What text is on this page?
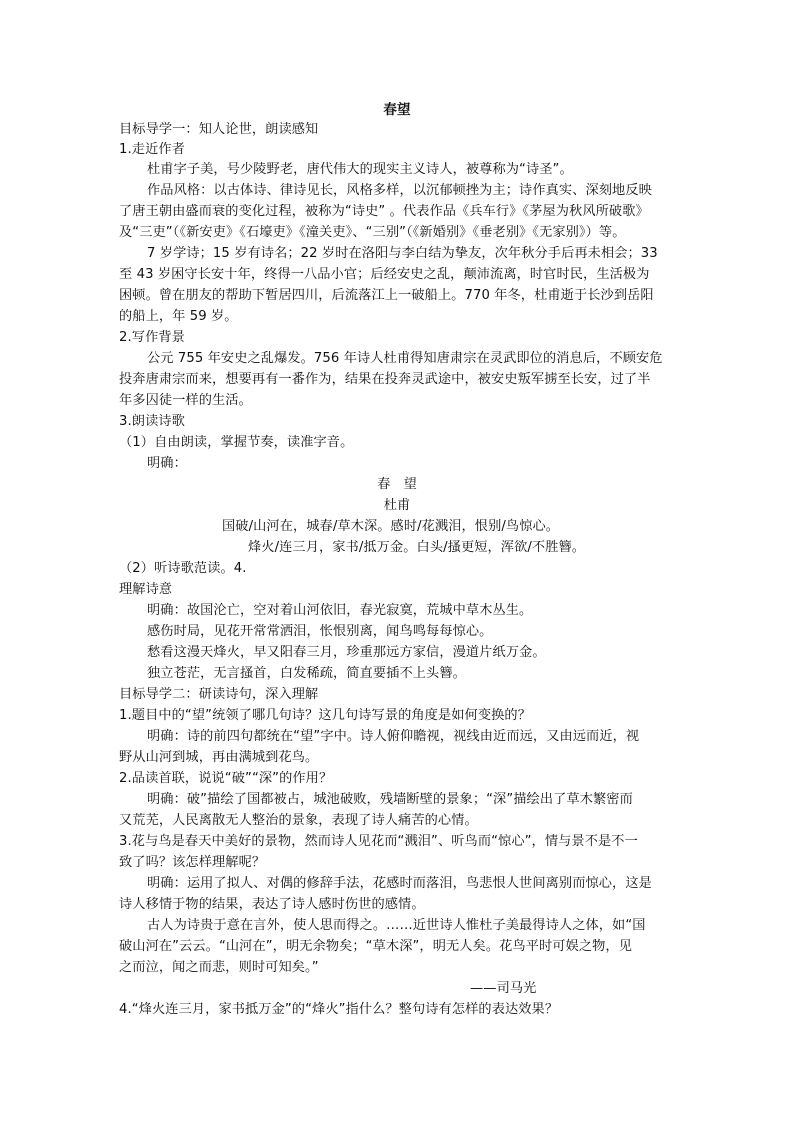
春望
目标导学一：知人论世，朗读感知
1.走近作者
杜甫字子美，号少陵野老，唐代伟大的现实主义诗人，被尊称为“诗圣”。
作品风格：以古体诗、律诗见长，风格多样，以沉郁顿挫为主；诗作真实、深刻地反映
了唐王朝由盛而衰的变化过程，被称为“诗史” 。代表作品《兵车行》《茅屋为秋风所破歌》
及“三吏”（《新安吏》《石壕吏》《潼关吏》、“三别”（《新婚别》《垂老别》《无家别》）等。
7 岁学诗；15 岁有诗名；22 岁时在洛阳与李白结为挚友，次年秋分手后再未相会；33
至 43 岁困守长安十年，终得一八品小官；后经安史之乱，颠沛流离，时官时民，生活极为
困顿。曾在朋友的帮助下暂居四川，后流落江上一破船上。770 年冬，杜甫逝于长沙到岳阳
的船上，年 59 岁。
2.写作背景
公元 755 年安史之乱爆发。756 年诗人杜甫得知唐肃宗在灵武即位的消息后，不顾安危
投奔唐肃宗而来，想要再有一番作为，结果在投奔灵武途中，被安史叛军掳至长安，过了半
年多囚徒一样的生活。
3.朗读诗歌
（1）自由朗读，掌握节奏，读准字音。
明确：
春　望
杜甫
国破/山河在，城春/草木深。感时/花溅泪，恨别/鸟惊心。
烽火/连三月，家书/抵万金。白头/搔更短，浑欲/不胜簪。
（2）听诗歌范读。4.
理解诗意
明确：故国沦亡，空对着山河依旧，春光寂寞，荒城中草木丛生。
感伤时局，见花开常常洒泪，怅恨别离，闻鸟鸣每每惊心。
愁看这漫天烽火，早又阳春三月，珍重那远方家信，漫道片纸万金。
独立苍茫，无言搔首，白发稀疏，简直要插不上头簪。
目标导学二：研读诗句，深入理解
1.题目中的“望”统领了哪几句诗？这几句诗写景的角度是如何变换的？
明确：诗的前四句都统在“望”字中。诗人俯仰瞻视，视线由近而远，又由远而近，视
野从山河到城，再由满城到花鸟。
2.品读首联，说说“破”“深”的作用？
明确：破”描绘了国都被占，城池破败，残墙断壁的景象；“深”描绘出了草木繁密而
又荒芜，人民离散无人整治的景象，表现了诗人痛苦的心情。
3.花与鸟是春天中美好的景物，然而诗人见花而“溅泪”、听鸟而“惊心”，情与景不是不一
致了吗？该怎样理解呢？
明确：运用了拟人、对偶的修辞手法，花感时而落泪，鸟悲恨人世间离别而惊心，这是
诗人移情于物的结果，表达了诗人感时伤世的感情。
古人为诗贵于意在言外，使人思而得之。……近世诗人惟杜子美最得诗人之体，如“国
破山河在”云云。“山河在”，明无余物矣；“草木深”，明无人矣。花鸟平时可娱之物，见
之而泣，闻之而悲，则时可知矣。”
——司马光
4.“烽火连三月，家书抵万金”的“烽火”指什么？整句诗有怎样的表达效果？
